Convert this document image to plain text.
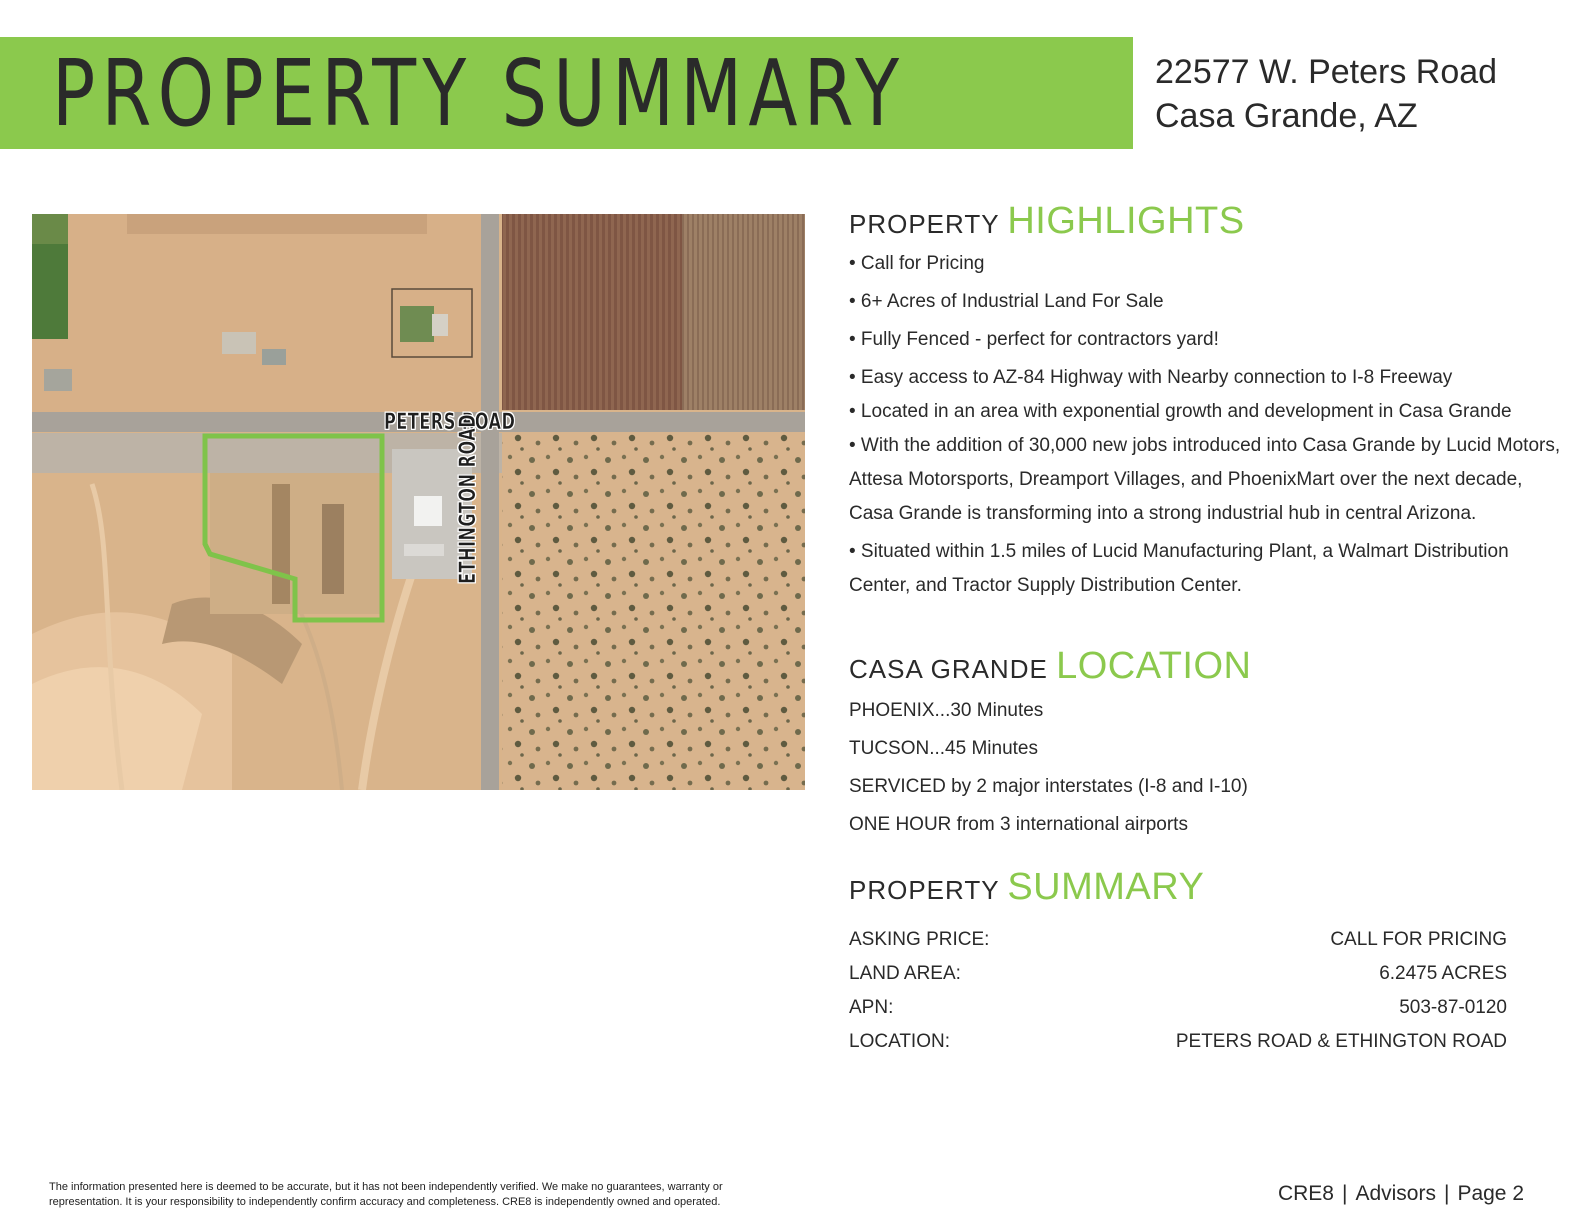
PROPERTY SUMMARY	22577 W. Peters Road
Casa Grande, AZ
PETERS ROAD
ETHINGTON ROAD
PROPERTY HIGHLIGHTS
• Call for Pricing
• 6+ Acres of Industrial Land For Sale
• Fully Fenced - perfect for contractors yard!
• Easy access to AZ-84 Highway with Nearby connection to I-8 Freeway
• Located in an area with exponential growth and development in Casa Grande
• With the addition of 30,000 new jobs introduced into Casa Grande by Lucid Motors, Attesa Motorsports, Dreamport Villages, and PhoenixMart over the next decade, Casa Grande is transforming into a strong industrial hub in central Arizona.
• Situated within 1.5 miles of Lucid Manufacturing Plant, a Walmart Distribution Center, and Tractor Supply Distribution Center.
CASA GRANDE LOCATION
PHOENIX...30 Minutes
TUCSON...45 Minutes
SERVICED by 2 major interstates (I-8 and I-10)
ONE HOUR from 3 international airports
PROPERTY SUMMARY
ASKING PRICE:	CALL FOR PRICING
LAND AREA:	6.2475 ACRES
APN:	503-87-0120
LOCATION:	PETERS ROAD & ETHINGTON ROAD
The information presented here is deemed to be accurate, but it has not been independently verified. We make no guarantees, warranty or representation. It is your responsibility to independently confirm accuracy and completeness. CRE8 is independently owned and operated.	CRE8 | Advisors | Page 2
